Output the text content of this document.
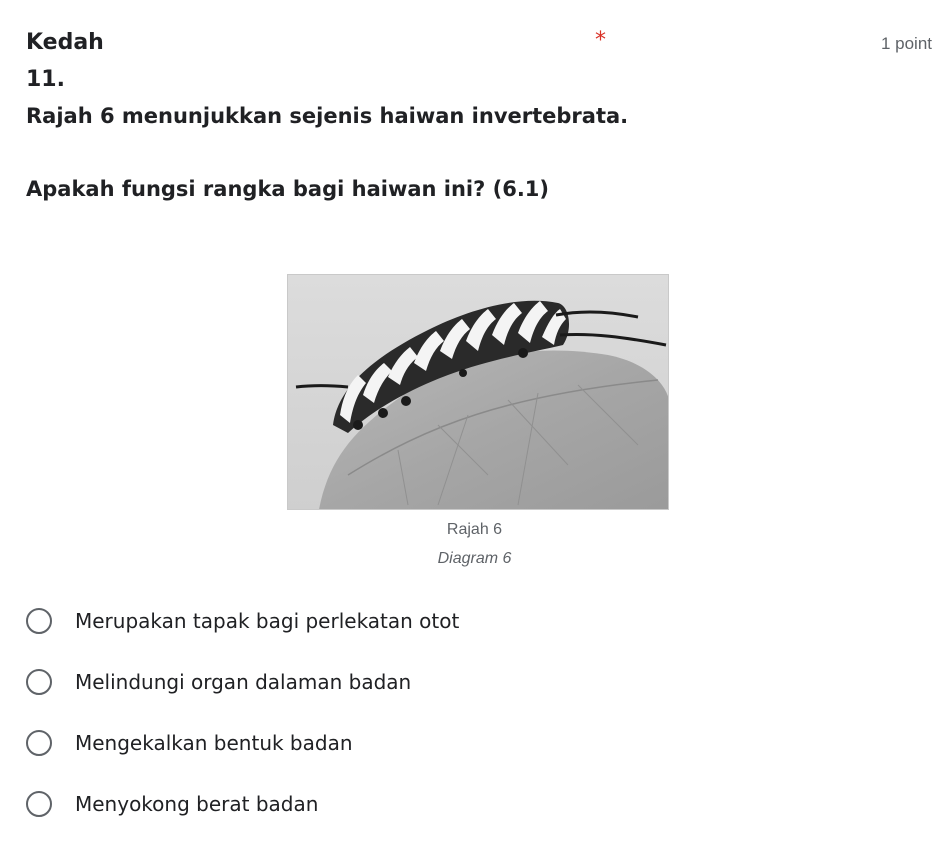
Kedah	*	1 point
11.
Rajah 6 menunjukkan sejenis haiwan invertebrata.
Apakah fungsi rangka bagi haiwan ini? (6.1)
Rajah 6
Diagram 6
Merupakan tapak bagi perlekatan otot
Melindungi organ dalaman badan
Mengekalkan bentuk badan
Menyokong berat badan
